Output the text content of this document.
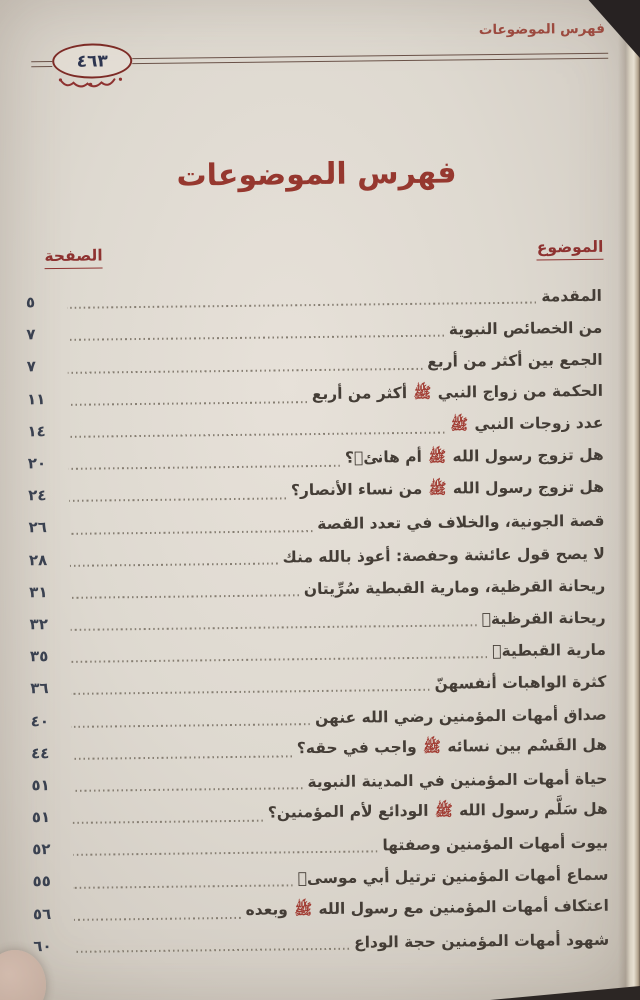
فهرس الموضوعات
٤٦٣
فهرس الموضوعات
الموضوع
الصفحة
المقدمة
٥
من الخصائص النبوية
٧
الجمع بين أكثر من أربع
٧
الحكمة من زواج النبي ﷺ أكثر من أربع
١١
عدد زوجات النبي ﷺ
١٤
هل تزوج رسول الله ﷺ أم هانئؓ؟
٢٠
هل تزوج رسول الله ﷺ من نساء الأنصار؟
٢٤
قصة الجونية، والخلاف في تعدد القصة
٢٦
لا يصح قول عائشة وحفصة: أعوذ بالله منك
٢٨
ريحانة القرظية، ومارية القبطية سُرِّيتان
٣١
ريحانة القرظيةؓ
٣٢
مارية القبطيةؓ
٣٥
كثرة الواهبات أنفسهنّ
٣٦
صداق أمهات المؤمنين رضي الله عنهن
٤٠
هل القَسْم بين نسائه ﷺ واجب في حقه؟
٤٤
حياة أمهات المؤمنين في المدينة النبوية
٥١
هل سَلَّم رسول الله ﷺ الودائع لأم المؤمنين؟
٥١
بيوت أمهات المؤمنين وصفتها
٥٢
سماع أمهات المؤمنين ترتيل أبي موسىؓ
٥٥
اعتكاف أمهات المؤمنين مع رسول الله ﷺ وبعده
٥٦
شهود أمهات المؤمنين حجة الوداع
٦٠
